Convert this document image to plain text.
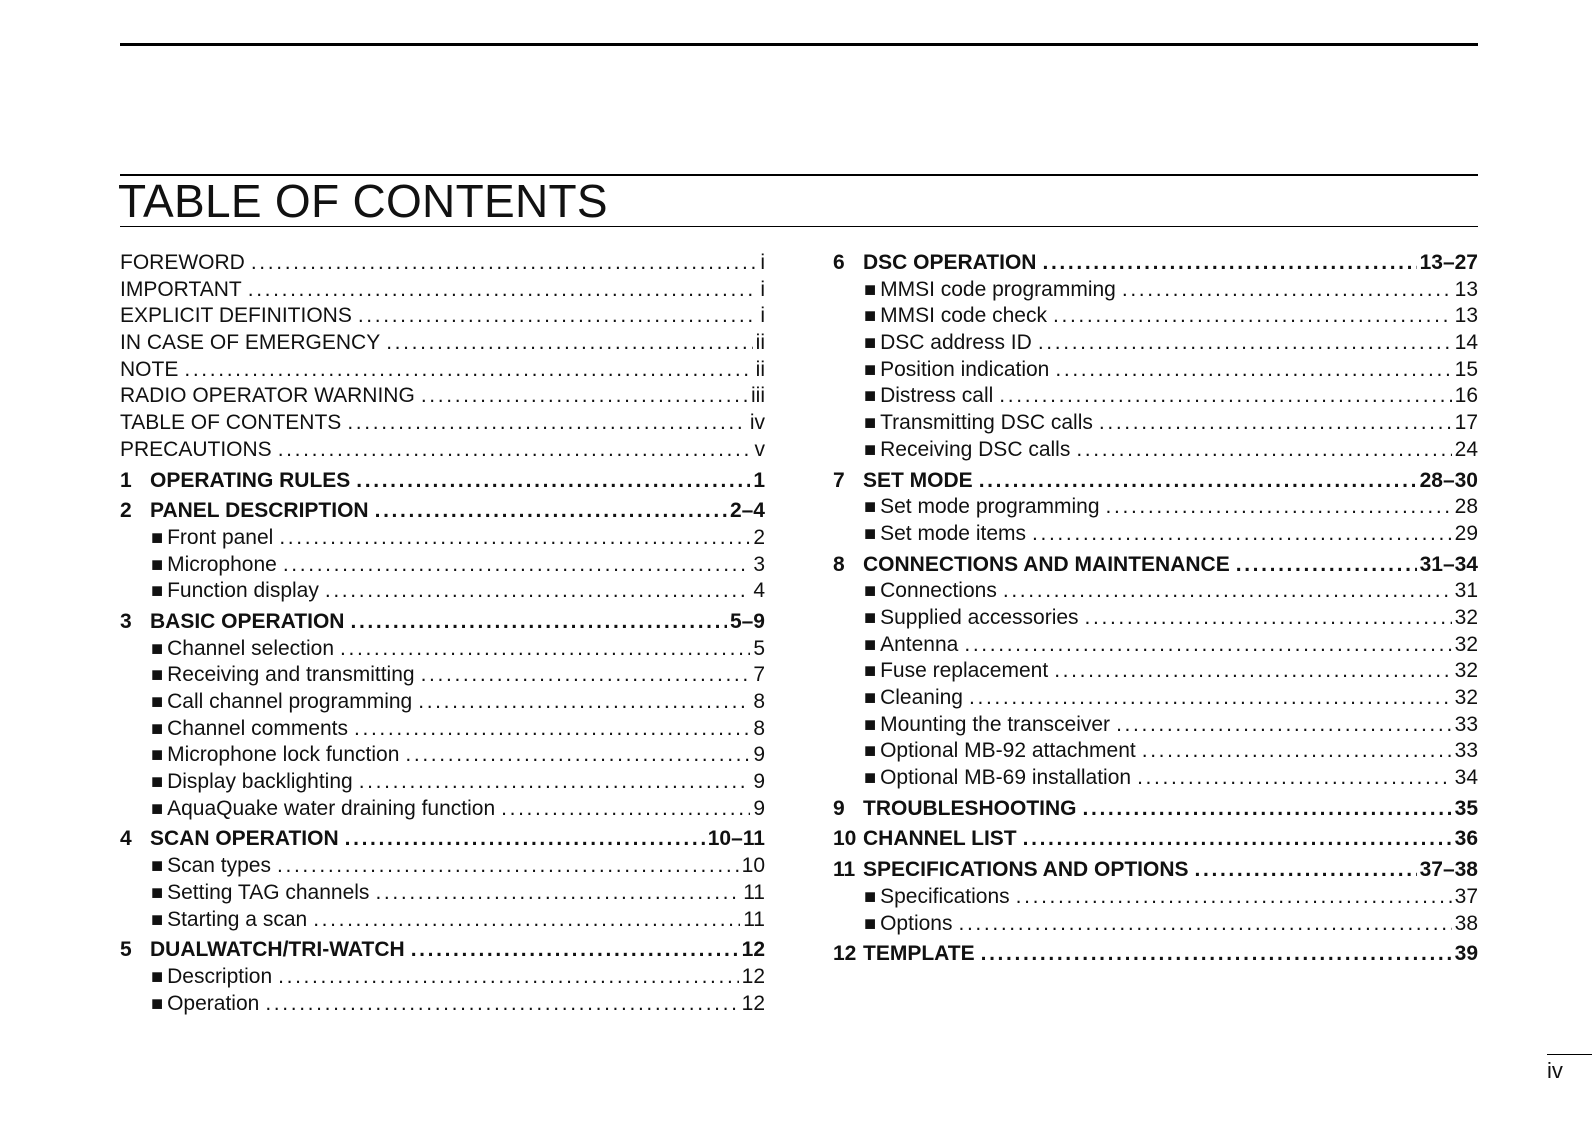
TABLE OF CONTENTS
FOREWORD . . .	i
IMPORTANT . . .	i
EXPLICIT DEFINITIONS . . .	i
IN CASE OF EMERGENCY . . .	ii
NOTE . . .	ii
RADIO OPERATOR WARNING . . .	iii
TABLE OF CONTENTS . . .	iv
PRECAUTIONS . . .	v
1 OPERATING RULES . . .	1
2 PANEL DESCRIPTION . . .	2–4
■ Front panel . . .	2
■ Microphone . . .	3
■ Function display . . .	4
3 BASIC OPERATION . . .	5–9
■ Channel selection . . .	5
■ Receiving and transmitting . . .	7
■ Call channel programming . . .	8
■ Channel comments . . .	8
■ Microphone lock function . . .	9
■ Display backlighting . . .	9
■ AquaQuake water draining function . . .	9
4 SCAN OPERATION . . .	10–11
■ Scan types . . .	10
■ Setting TAG channels . . .	11
■ Starting a scan . . .	11
5 DUALWATCH/TRI-WATCH . . .	12
■ Description . . .	12
■ Operation . . .	12
6 DSC OPERATION . . .	13–27
■ MMSI code programming . . .	13
■ MMSI code check . . .	13
■ DSC address ID . . .	14
■ Position indication . . .	15
■ Distress call . . .	16
■ Transmitting DSC calls . . .	17
■ Receiving DSC calls . . .	24
7 SET MODE . . .	28–30
■ Set mode programming . . .	28
■ Set mode items . . .	29
8 CONNECTIONS AND MAINTENANCE . . .	31–34
■ Connections . . .	31
■ Supplied accessories . . .	32
■ Antenna . . .	32
■ Fuse replacement . . .	32
■ Cleaning . . .	32
■ Mounting the transceiver . . .	33
■ Optional MB-92 attachment . . .	33
■ Optional MB-69 installation . . .	34
9 TROUBLESHOOTING . . .	35
10 CHANNEL LIST . . .	36
11 SPECIFICATIONS AND OPTIONS . . .	37–38
■ Specifications . . .	37
■ Options . . .	38
12 TEMPLATE . . .	39
iv
